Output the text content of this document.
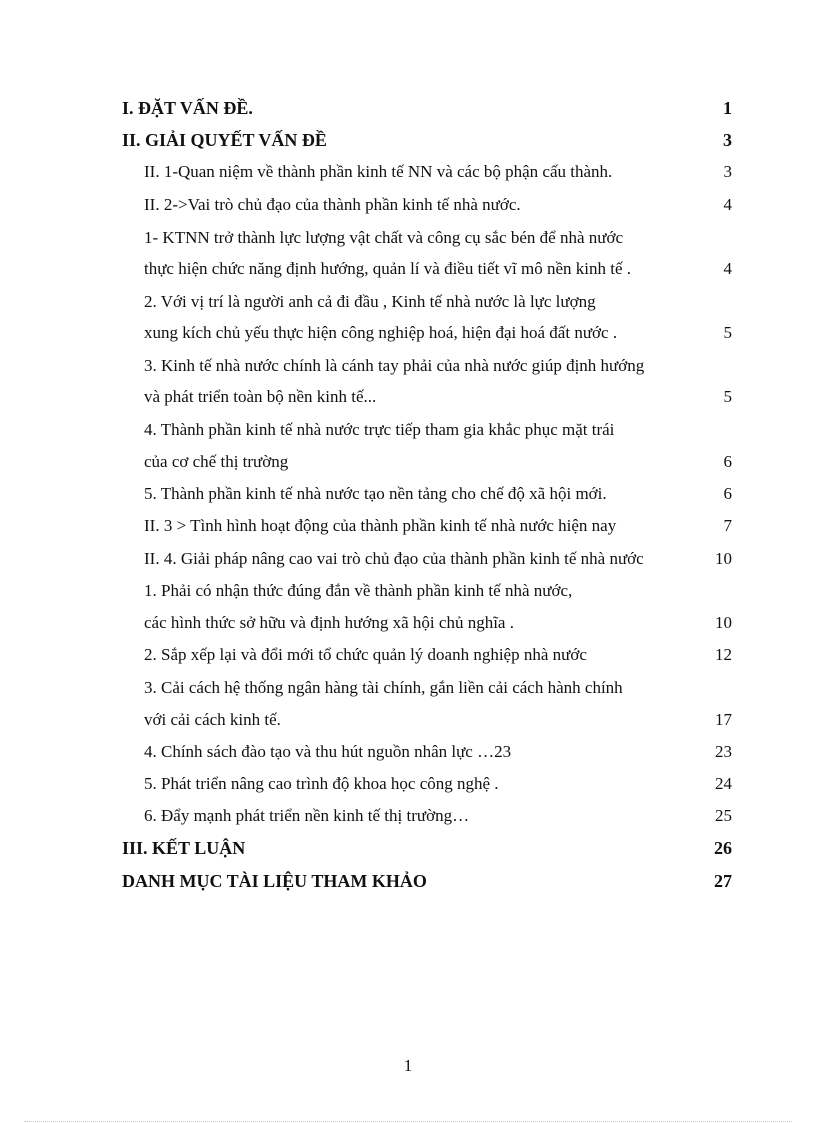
I. ĐẶT VẤN ĐỀ.	1
II. GIẢI QUYẾT VẤN ĐỀ	3
II. 1-Quan niệm về thành phần kinh tế NN và các bộ phận cấu thành.	3
II. 2->Vai trò chủ đạo của thành phần kinh tế nhà nước.	4
1- KTNN trở thành lực lượng vật chất và công cụ sắc bén để nhà nước
thực hiện chức năng định hướng, quản lí và điều tiết vĩ mô nền kinh tế .	4
2. Với vị trí là người anh cả đi đầu , Kinh tế nhà nước là lực lượng
xung kích chủ yếu thực hiện công nghiệp hoá, hiện đại hoá đất nước .	5
3. Kinh tế nhà nước chính là cánh tay phải của nhà nước giúp định hướng
và phát triển toàn bộ nền kinh tế...	5
4. Thành phần kinh tế nhà nước trực tiếp tham gia khắc phục mặt trái
của cơ chế thị trường	6
5. Thành phần kinh tế nhà nước tạo nền tảng cho chế độ xã hội mới.	6
II. 3 > Tình hình hoạt động của thành phần kinh tế nhà nước hiện nay	7
II. 4. Giải pháp nâng cao vai trò chủ đạo của thành phần kinh tế nhà nước	10
1. Phải có nhận thức đúng đắn về thành phần kinh tế nhà nước,
các hình thức sở hữu và định hướng xã hội chủ nghĩa .	10
2. Sắp xếp lại và đổi mới tổ chức quản lý doanh nghiệp nhà nước	12
3. Cải cách hệ thống ngân hàng tài chính, gắn liền cải cách hành chính
với cải cách kinh tế.	17
4. Chính sách đào tạo và thu hút nguồn nhân lực …23	23
5. Phát triển nâng cao trình độ khoa học công nghệ .	24
6. Đẩy mạnh phát triển nền kinh tế thị trường…	25
III. KẾT LUẬN	26
DANH MỤC TÀI LIỆU THAM KHẢO	27
1
